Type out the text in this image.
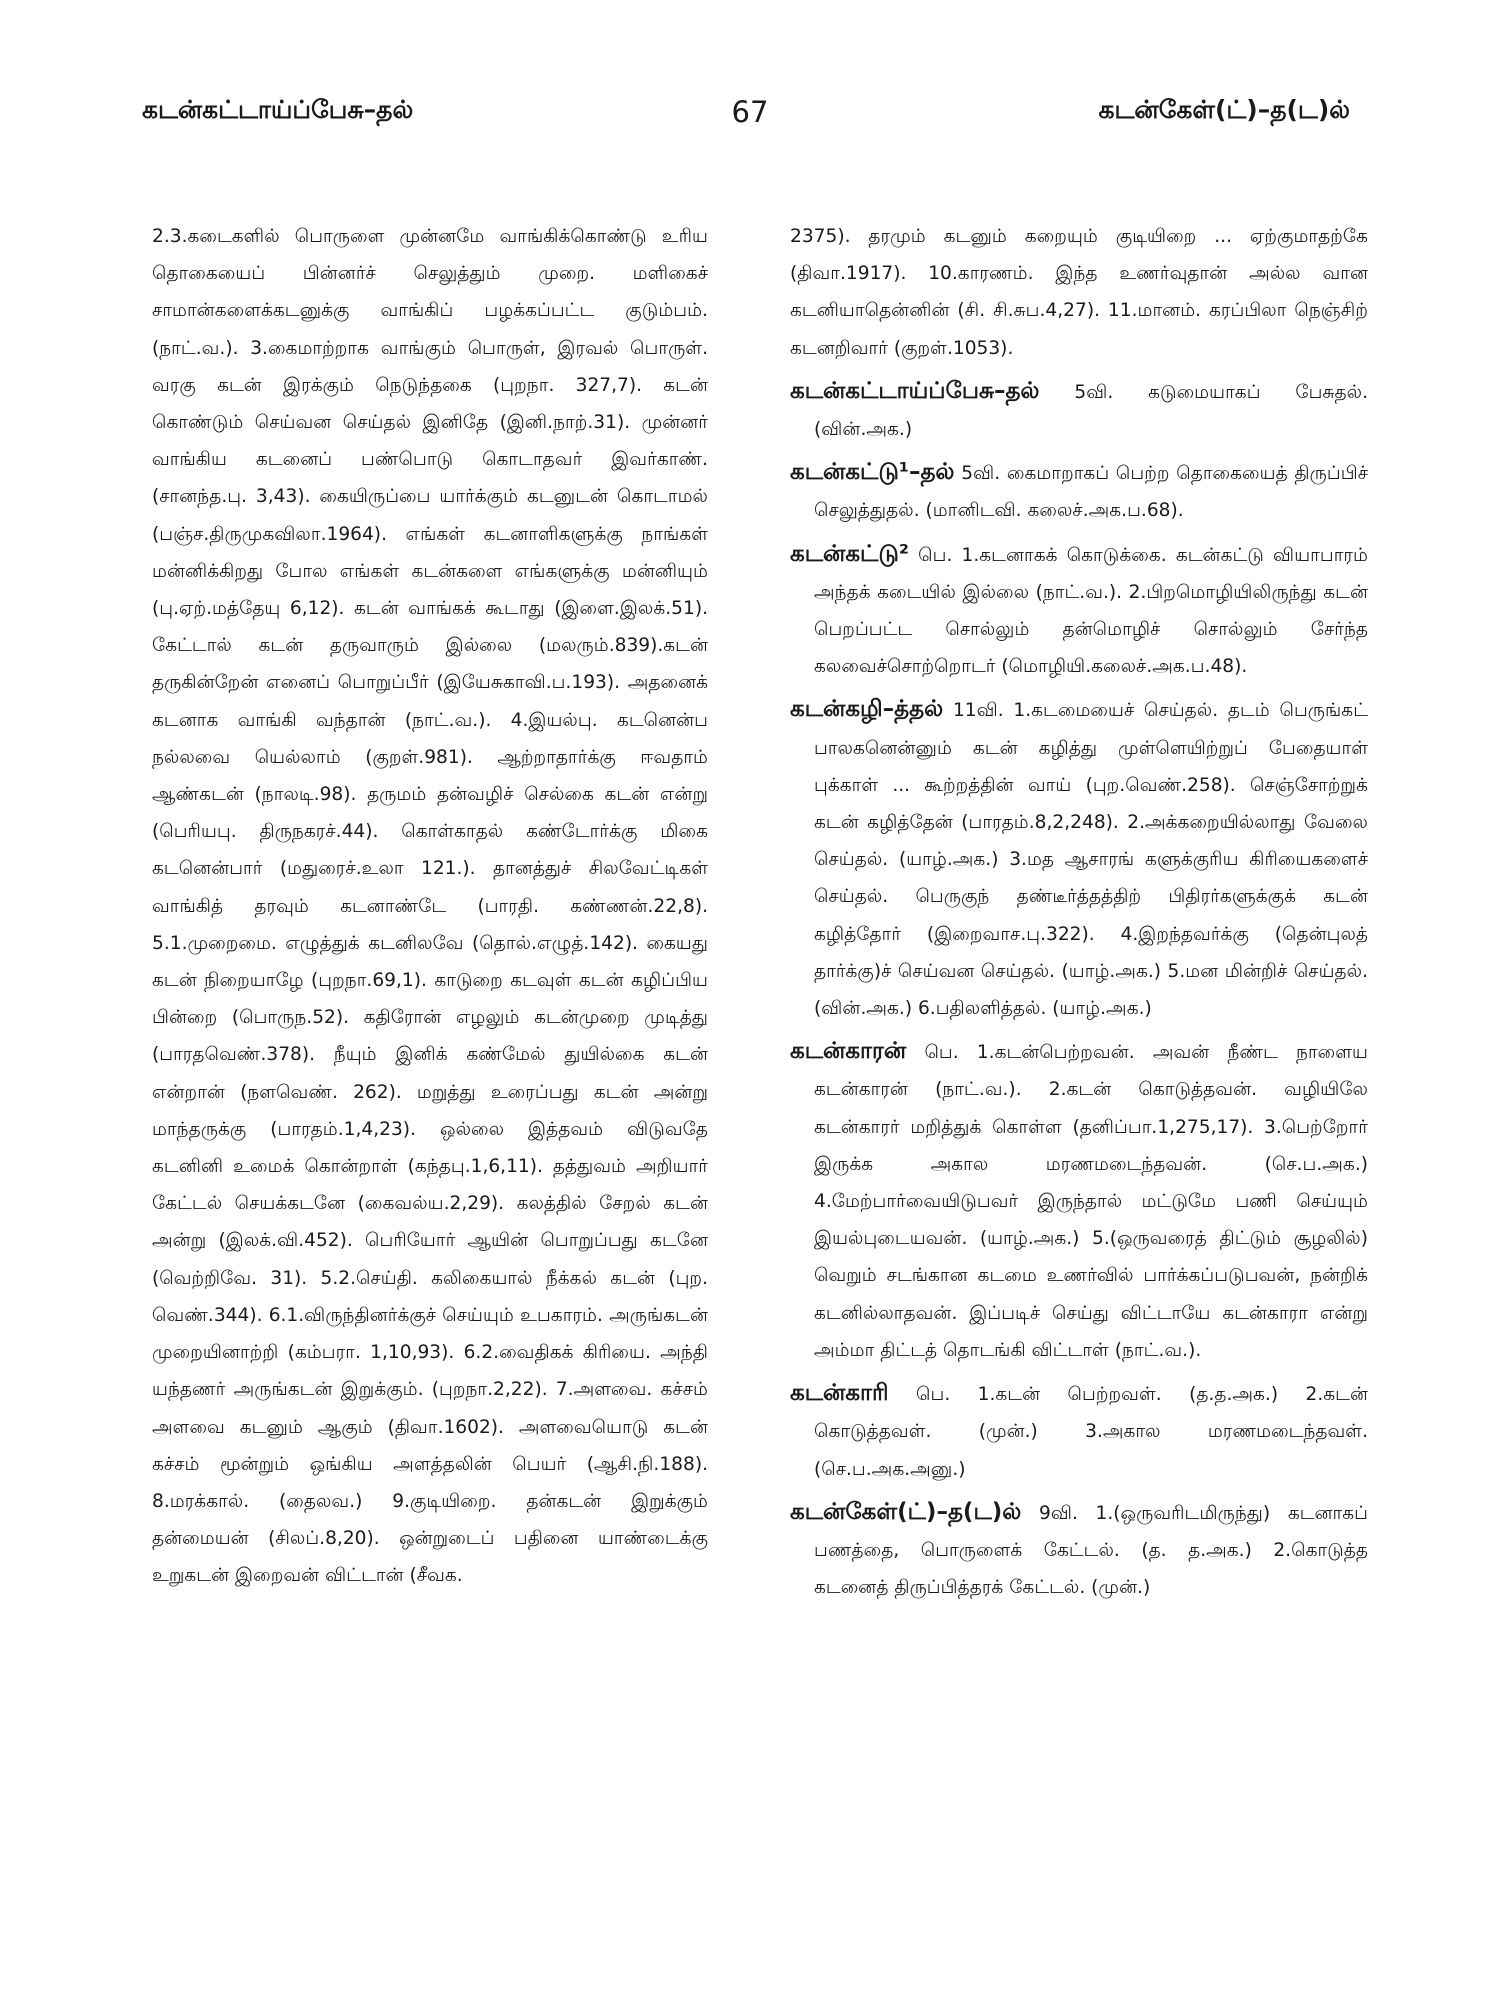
கடன்கட்டாய்ப்பேசு–தல்	67	கடன்கேள்(ட்)–த(ட)ல்

2.3.கடைகளில் பொருளை முன்னமே வாங்கிக்கொண்டு உரிய தொகையைப் பின்னர்ச் செலுத்தும் முறை. மளிகைச் சாமான்களைக்கடனுக்கு வாங்கிப் பழக்கப்பட்ட குடும்பம். (நாட்.வ.). 3.கைமாற்றாக வாங்கும் பொருள், இரவல் பொருள். வரகு கடன் இரக்கும் நெடுந்தகை (புறநா. 327,7). கடன் கொண்டும் செய்வன செய்தல் இனிதே (இனி.நாற்.31). முன்னர் வாங்கிய கடனைப் பண்பொடு கொடாதவர் இவர்காண். (சானந்த.பு. 3,43). கையிருப்பை யார்க்கும் கடனுடன் கொடாமல் (பஞ்ச.திருமுகவிலா.1964). எங்கள் கடனாளிகளுக்கு நாங்கள் மன்னிக்கிறது போல எங்கள் கடன்களை எங்களுக்கு மன்னியும் (பு.ஏற்.மத்தேயு 6,12). கடன் வாங்கக் கூடாது (இளை.இலக்.51). கேட்டால் கடன் தருவாரும் இல்லை (மலரும்.839).கடன் தருகின்றேன் எனைப் பொறுப்பீர் (இயேசுகாவி.ப.193). அதனைக் கடனாக வாங்கி வந்தான் (நாட்.வ.). 4.இயல்பு. கடனென்ப நல்லவை யெல்லாம் (குறள்.981). ஆற்றாதார்க்கு ஈவதாம் ஆண்கடன் (நாலடி.98). தருமம் தன்வழிச் செல்கை கடன் என்று (பெரியபு. திருநகரச்.44). கொள்காதல் கண்டோர்க்கு மிகை கடனென்பார் (மதுரைச்.உலா 121.). தானத்துச் சிலவேட்டிகள் வாங்கித் தரவும் கடனாண்டே (பாரதி. கண்ணன்.22,8). 5.1.முறைமை. எழுத்துக் கடனிலவே (தொல்.எழுத்.142). கையது கடன் நிறையாழே (புறநா.69,1). காடுறை கடவுள் கடன் கழிப்பிய பின்றை (பொருந.52). கதிரோன் எழலும் கடன்முறை முடித்து (பாரதவெண்.378). நீயும் இனிக் கண்மேல் துயில்கை கடன் என்றான் (நளவெண். 262). மறுத்து உரைப்பது கடன் அன்று மாந்தருக்கு (பாரதம்.1,4,23). ஒல்லை இத்தவம் விடுவதே கடனினி உமைக் கொன்றாள் (கந்தபு.1,6,11). தத்துவம் அறியார் கேட்டல் செயக்கடனே (கைவல்ய.2,29). கலத்தில் சேறல் கடன் அன்று (இலக்.வி.452). பெரியோர் ஆயின் பொறுப்பது கடனே (வெற்றிவே. 31). 5.2.செய்தி. கலிகையால் நீக்கல் கடன் (புற. வெண்.344). 6.1.விருந்தினர்க்குச் செய்யும் உபகாரம். அருங்கடன் முறையினாற்றி (கம்பரா. 1,10,93). 6.2.வைதிகக் கிரியை. அந்தி யந்தணர் அருங்கடன் இறுக்கும். (புறநா.2,22). 7.அளவை. கச்சம் அளவை கடனும் ஆகும் (திவா.1602). அளவையொடு கடன் கச்சம் மூன்றும் ஒங்கிய அளத்தலின் பெயர் (ஆசி.நி.188). 8.மரக்கால். (தைலவ.) 9.குடியிறை. தன்கடன் இறுக்கும் தன்மையன் (சிலப்.8,20). ஒன்றுடைப் பதினை யாண்டைக்கு உறுகடன் இறைவன் விட்டான் (சீவக.

2375). தரமும் கடனும் கறையும் குடியிறை ... ஏற்குமாதற்கே (திவா.1917). 10.காரணம். இந்த உணர்வுதான் அல்ல வான கடனியாதென்னின் (சி. சி.சுப.4,27). 11.மானம். கரப்பிலா நெஞ்சிற் கடனறிவார் (குறள்.1053).

கடன்கட்டாய்ப்பேசு–தல் 5வி. கடுமையாகப் பேசுதல். (வின்.அக.)

கடன்கட்டு¹–தல் 5வி. கைமாறாகப் பெற்ற தொகையைத் திருப்பிச் செலுத்துதல். (மானிடவி. கலைச்.அக.ப.68).

கடன்கட்டு² பெ. 1.கடனாகக் கொடுக்கை. கடன்கட்டு வியாபாரம் அந்தக் கடையில் இல்லை (நாட்.வ.). 2.பிறமொழியிலிருந்து கடன் பெறப்பட்ட சொல்லும் தன்மொழிச் சொல்லும் சேர்ந்த கலவைச்சொற்றொடர் (மொழியி.கலைச்.அக.ப.48).

கடன்கழி–த்தல் 11வி. 1.கடமையைச் செய்தல். தடம் பெருங்கட் பாலகனென்னும் கடன் கழித்து முள்ளெயிற்றுப் பேதையாள் புக்காள் ... கூற்றத்தின் வாய் (புற.வெண்.258). செஞ்சோற்றுக் கடன் கழித்தேன் (பாரதம்.8,2,248). 2.அக்கறையில்லாது வேலை செய்தல். (யாழ்.அக.) 3.மத ஆசாரங் களுக்குரிய கிரியைகளைச் செய்தல். பெருகுந் தண்டீர்த்தத்திற் பிதிரர்களுக்குக் கடன் கழித்தோர் (இறைவாச.பு.322). 4.இறந்தவர்க்கு (தென்புலத் தார்க்கு)ச் செய்வன செய்தல். (யாழ்.அக.) 5.மன மின்றிச் செய்தல். (வின்.அக.) 6.பதிலளித்தல். (யாழ்.அக.)

கடன்காரன் பெ. 1.கடன்பெற்றவன். அவன் நீண்ட நாளைய கடன்காரன் (நாட்.வ.). 2.கடன் கொடுத்தவன். வழியிலே கடன்காரர் மறித்துக் கொள்ள (தனிப்பா.1,275,17). 3.பெற்றோர் இருக்க அகால மரணமடைந்தவன். (செ.ப.அக.) 4.மேற்பார்வையிடுபவர் இருந்தால் மட்டுமே பணி செய்யும் இயல்புடையவன். (யாழ்.அக.) 5.(ஒருவரைத் திட்டும் சூழலில்) வெறும் சடங்கான கடமை உணர்வில் பார்க்கப்படுபவன், நன்றிக் கடனில்லாதவன். இப்படிச் செய்து விட்டாயே கடன்காரா என்று அம்மா திட்டத் தொடங்கி விட்டாள் (நாட்.வ.).

கடன்காரி பெ. 1.கடன் பெற்றவள். (த.த.அக.) 2.கடன் கொடுத்தவள். (முன்.) 3.அகால மரணமடைந்தவள். (செ.ப.அக.அனு.)

கடன்கேள்(ட்)–த(ட)ல் 9வி. 1.(ஒருவரிடமிருந்து) கடனாகப் பணத்தை, பொருளைக் கேட்டல். (த. த.அக.) 2.கொடுத்த கடனைத் திருப்பித்தரக் கேட்டல். (முன்.)
